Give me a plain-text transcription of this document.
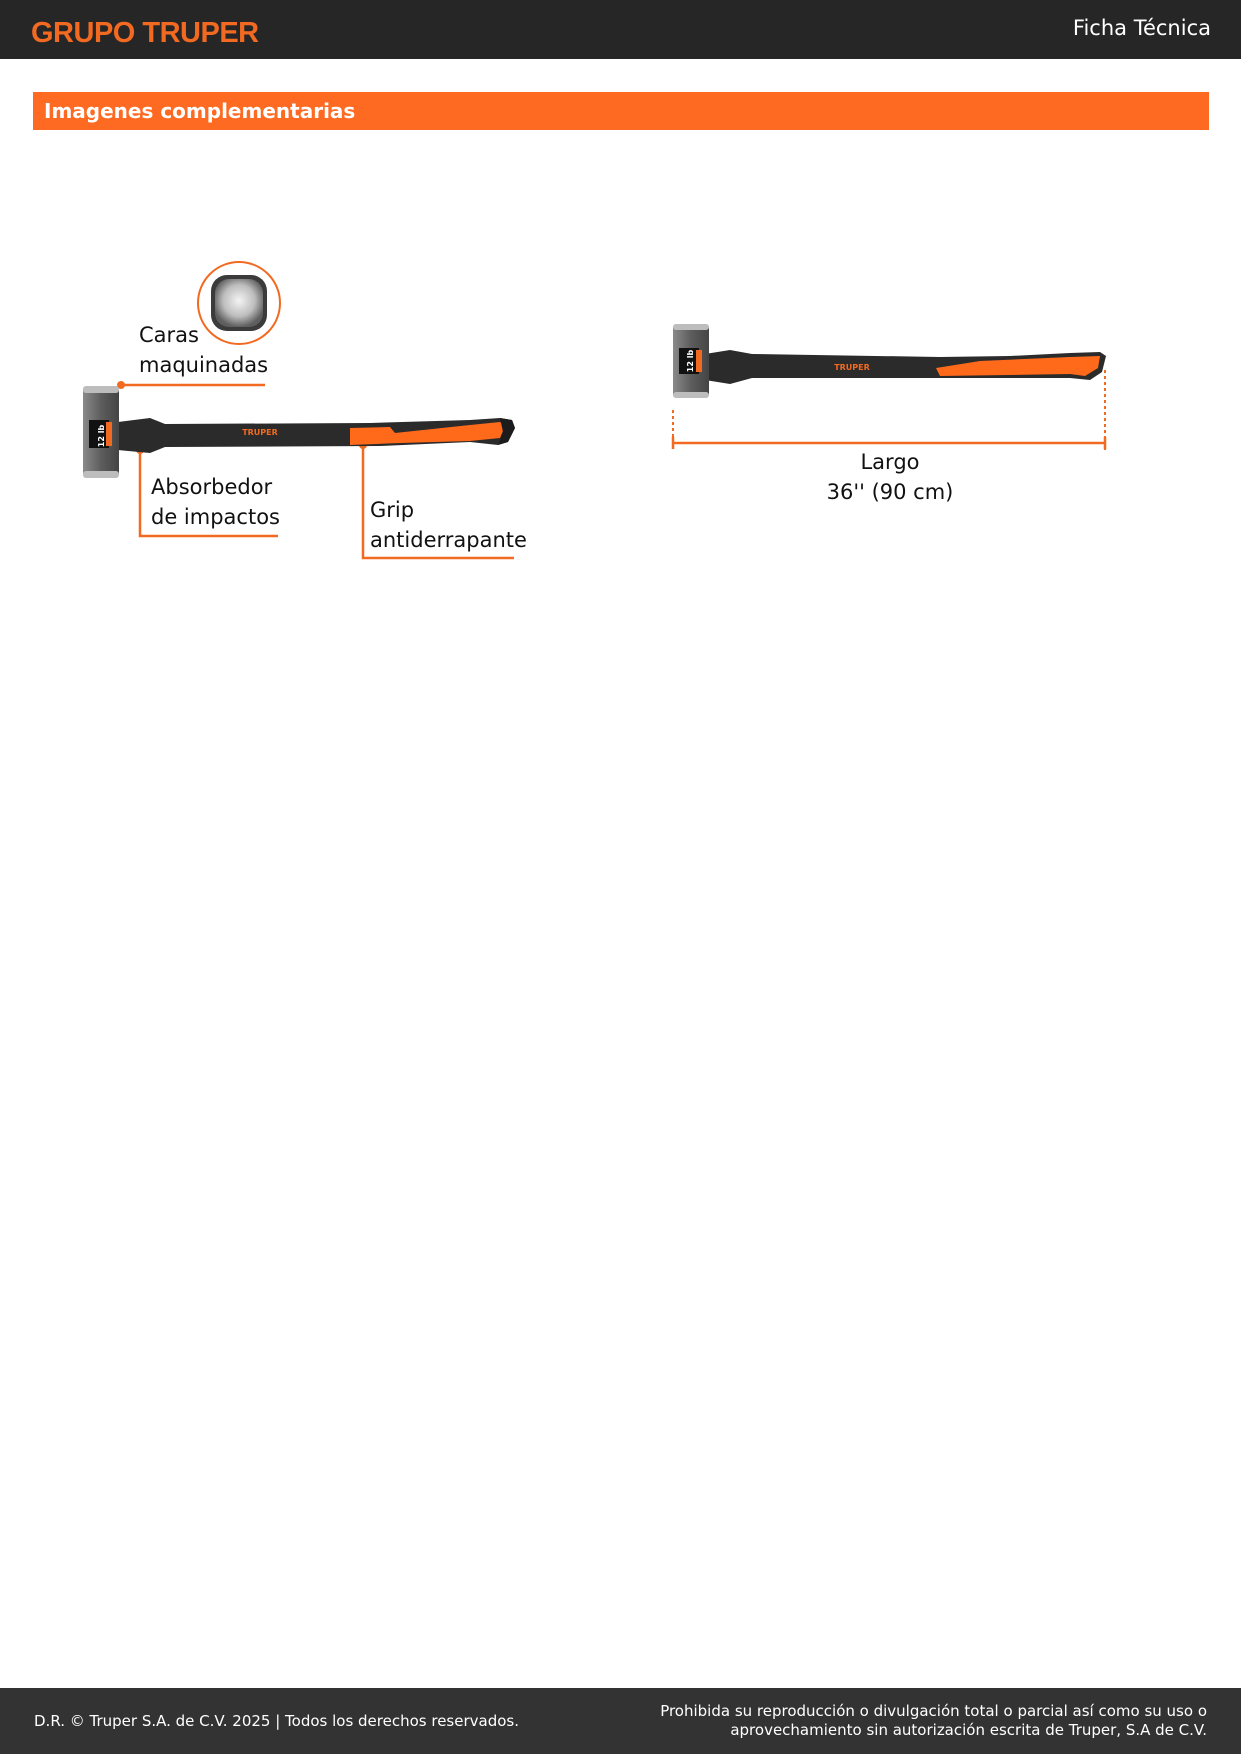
GRUPO TRUPER	Ficha Técnica
Imagenes complementarias
12 lb	TRUPER
Caras
maquinadas
Absorbedor
de impactos	Grip
antiderrapante
12 lb	TRUPER
Largo
36'' (90 cm)
D.R. © Truper S.A. de C.V. 2025 | Todos los derechos reservados.
Prohibida su reproducción o divulgación total o parcial así como su uso o aprovechamiento sin autorización escrita de Truper, S.A de C.V.
